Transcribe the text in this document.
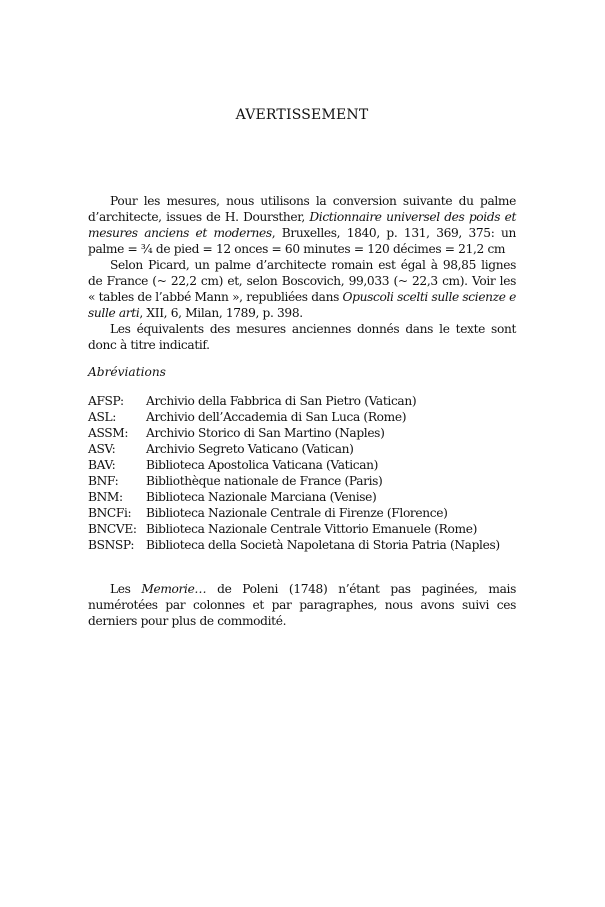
AVERTISSEMENT

Pour les mesures, nous utilisons la conversion suivante du palme d’architecte, issues de H. Doursther, Dictionnaire universel des poids et mesures anciens et modernes, Bruxelles, 1840, p. 131, 369, 375: un palme = ¾ de pied = 12 onces = 60 minutes = 120 décimes = 21,2 cm

Selon Picard, un palme d’architecte romain est égal à 98,85 lignes de France (~ 22,2 cm) et, selon Boscovich, 99,033 (~ 22,3 cm). Voir les « tables de l’abbé Mann », republiées dans Opuscoli scelti sulle scienze e sulle arti, XII, 6, Milan, 1789, p. 398.

Les équivalents des mesures anciennes donnés dans le texte sont donc à titre indicatif.

Abréviations
AFSP:	Archivio della Fabbrica di San Pietro (Vatican)
ASL:	Archivio dell’Accademia di San Luca (Rome)
ASSM:	Archivio Storico di San Martino (Naples)
ASV:	Archivio Segreto Vaticano (Vatican)
BAV:	Biblioteca Apostolica Vaticana (Vatican)
BNF:	Bibliothèque nationale de France (Paris)
BNM:	Biblioteca Nazionale Marciana (Venise)
BNCFi:	Biblioteca Nazionale Centrale di Firenze (Florence)
BNCVE: Biblioteca Nazionale Centrale Vittorio Emanuele (Rome)
BSNSP: Biblioteca della Società Napoletana di Storia Patria (Naples)

Les Memorie… de Poleni (1748) n’étant pas paginées, mais numérotées par colonnes et par paragraphes, nous avons suivi ces derniers pour plus de commodité.
